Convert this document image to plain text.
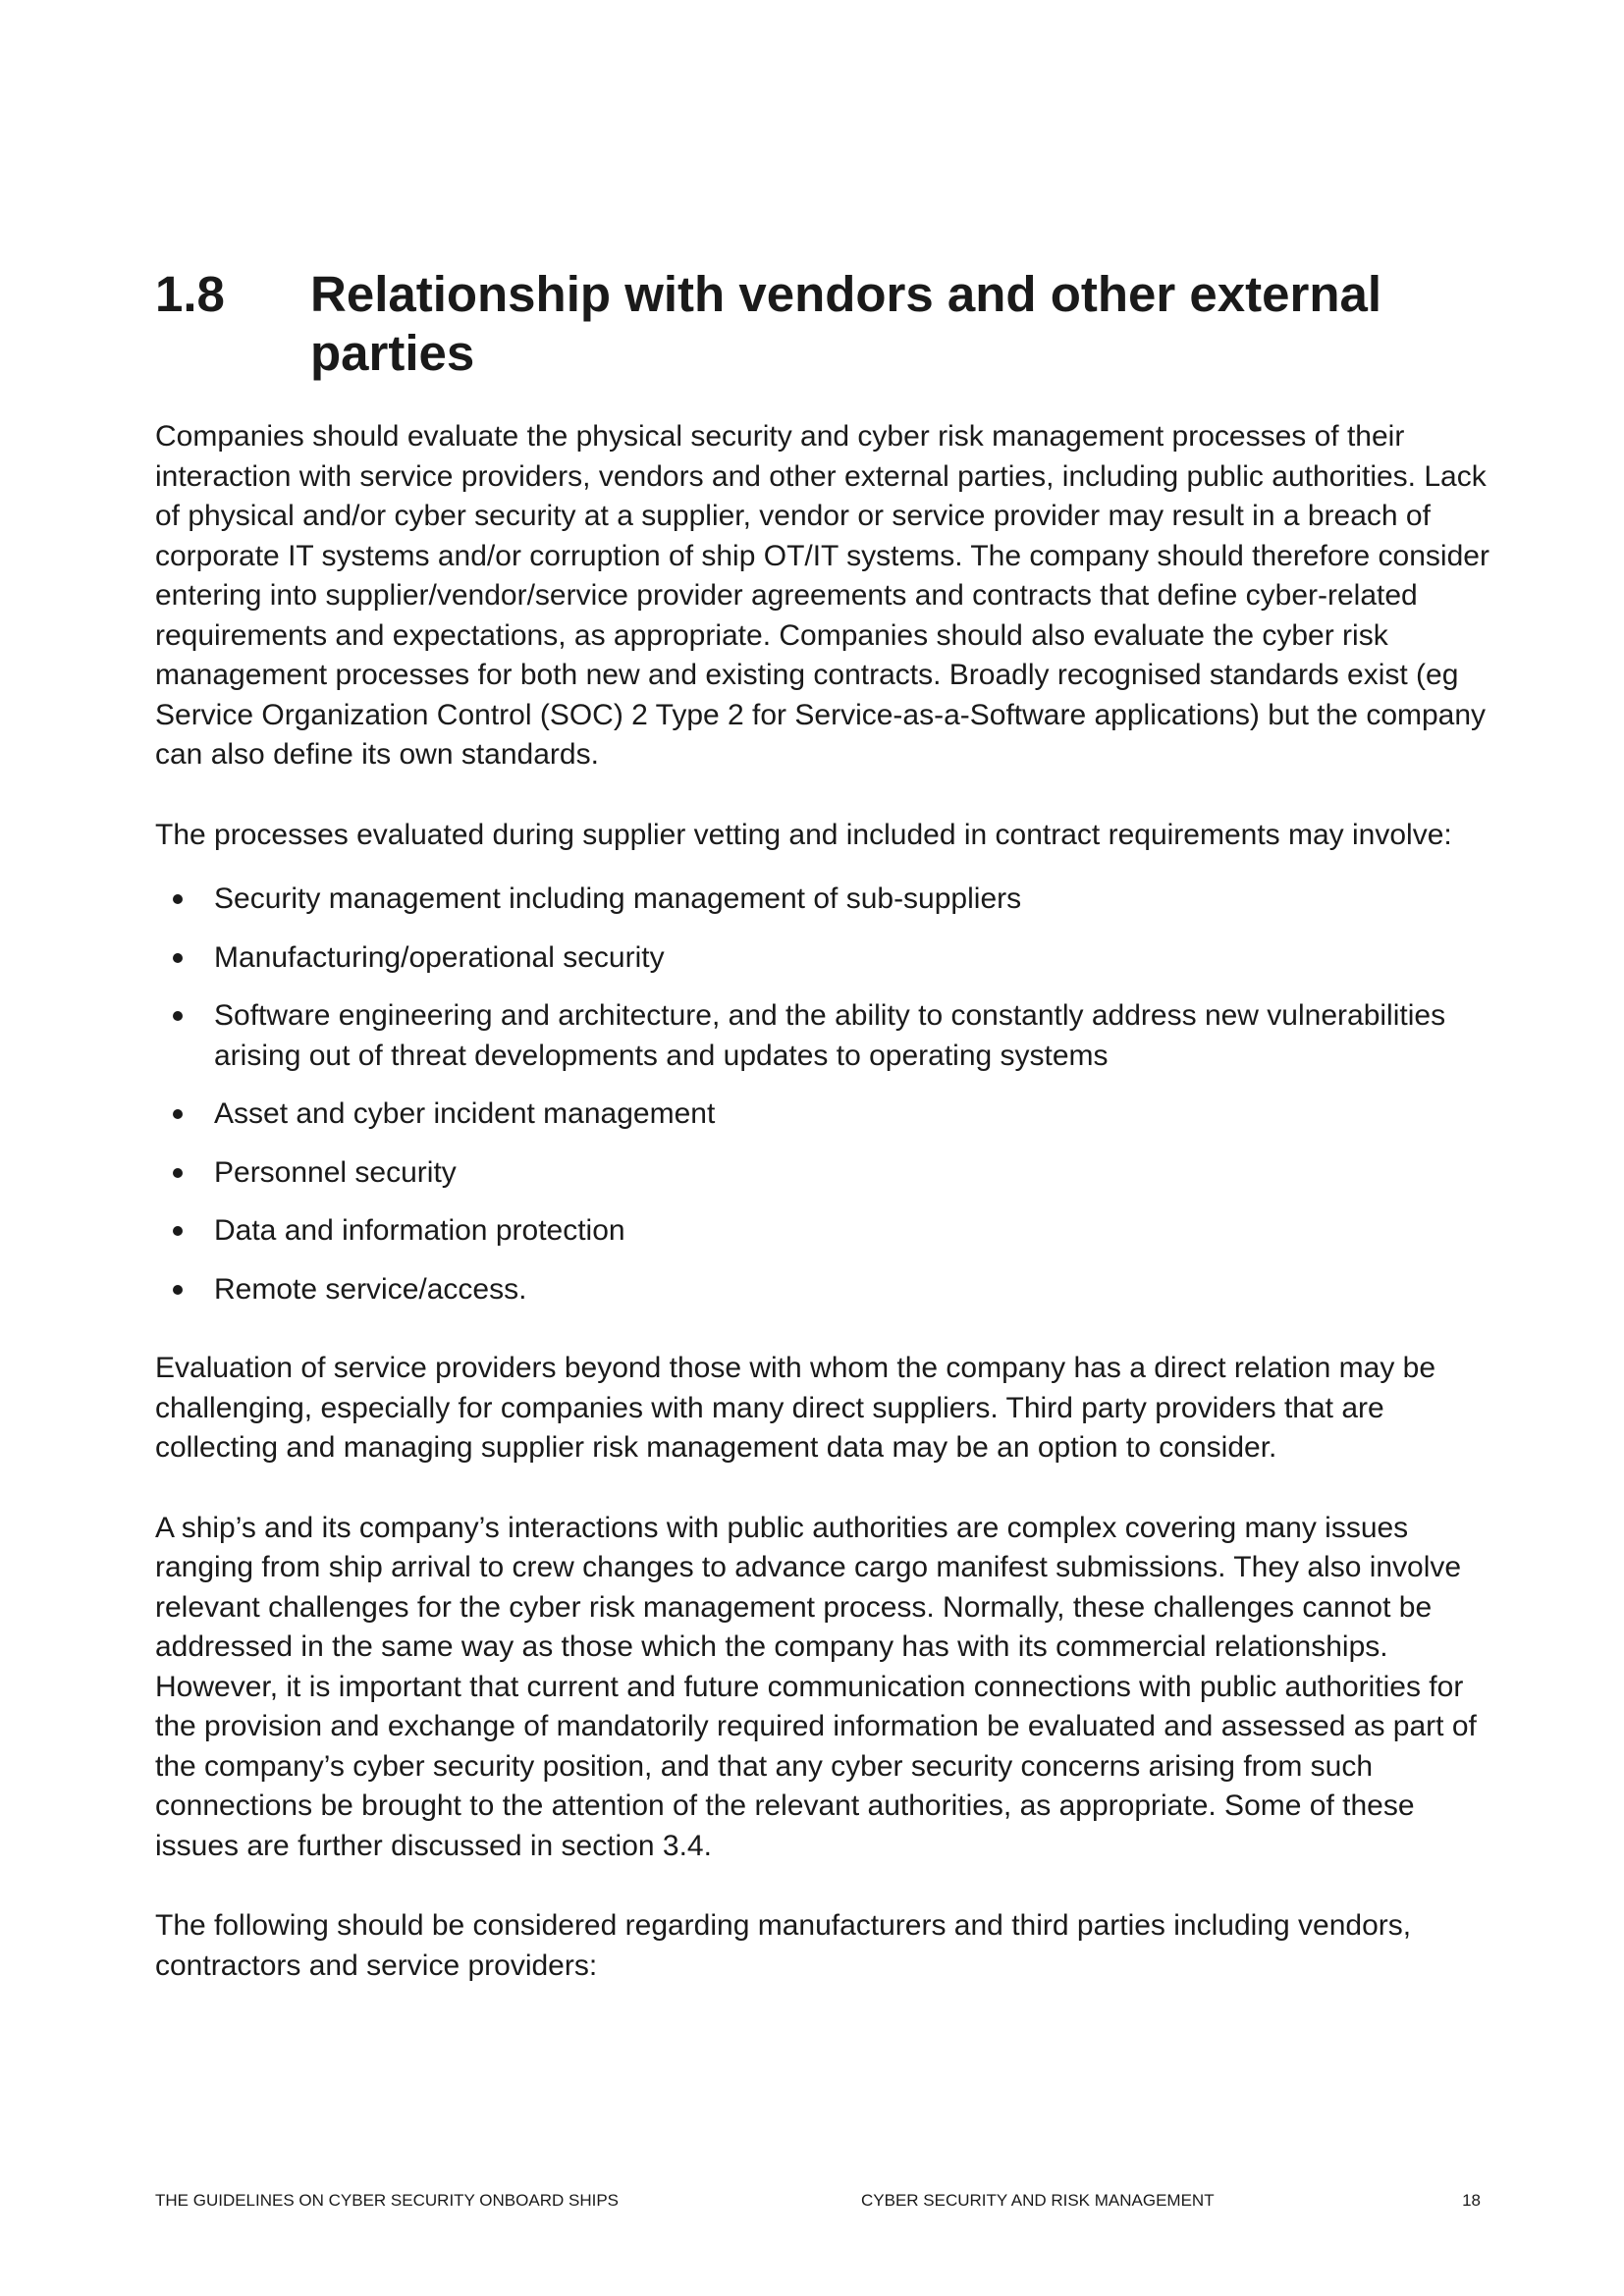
1.8	Relationship with vendors and other external parties

Companies should evaluate the physical security and cyber risk management processes of their interaction with service providers, vendors and other external parties, including public authorities. Lack of physical and/or cyber security at a supplier, vendor or service provider may result in a breach of corporate IT systems and/or corruption of ship OT/IT systems. The company should therefore consider entering into supplier/vendor/service provider agreements and contracts that define cyber-related requirements and expectations, as appropriate. Companies should also evaluate the cyber risk management processes for both new and existing contracts. Broadly recognised standards exist (eg Service Organization Control (SOC) 2 Type 2 for Service-as-a-Software applications) but the company can also define its own standards.

The processes evaluated during supplier vetting and included in contract requirements may involve:

Security management including management of sub-suppliers
Manufacturing/operational security
Software engineering and architecture, and the ability to constantly address new vulnerabilities arising out of threat developments and updates to operating systems
Asset and cyber incident management
Personnel security
Data and information protection
Remote service/access.

Evaluation of service providers beyond those with whom the company has a direct relation may be challenging, especially for companies with many direct suppliers. Third party providers that are collecting and managing supplier risk management data may be an option to consider.

A ship’s and its company’s interactions with public authorities are complex covering many issues ranging from ship arrival to crew changes to advance cargo manifest submissions. They also involve relevant challenges for the cyber risk management process. Normally, these challenges cannot be addressed in the same way as those which the company has with its commercial relationships. However, it is important that current and future communication connections with public authorities for the provision and exchange of mandatorily required information be evaluated and assessed as part of the company’s cyber security position, and that any cyber security concerns arising from such connections be brought to the attention of the relevant authorities, as appropriate. Some of these issues are further discussed in section 3.4.

The following should be considered regarding manufacturers and third parties including vendors, contractors and service providers:

THE GUIDELINES ON CYBER SECURITY ONBOARD SHIPS	CYBER SECURITY AND RISK MANAGEMENT	18
